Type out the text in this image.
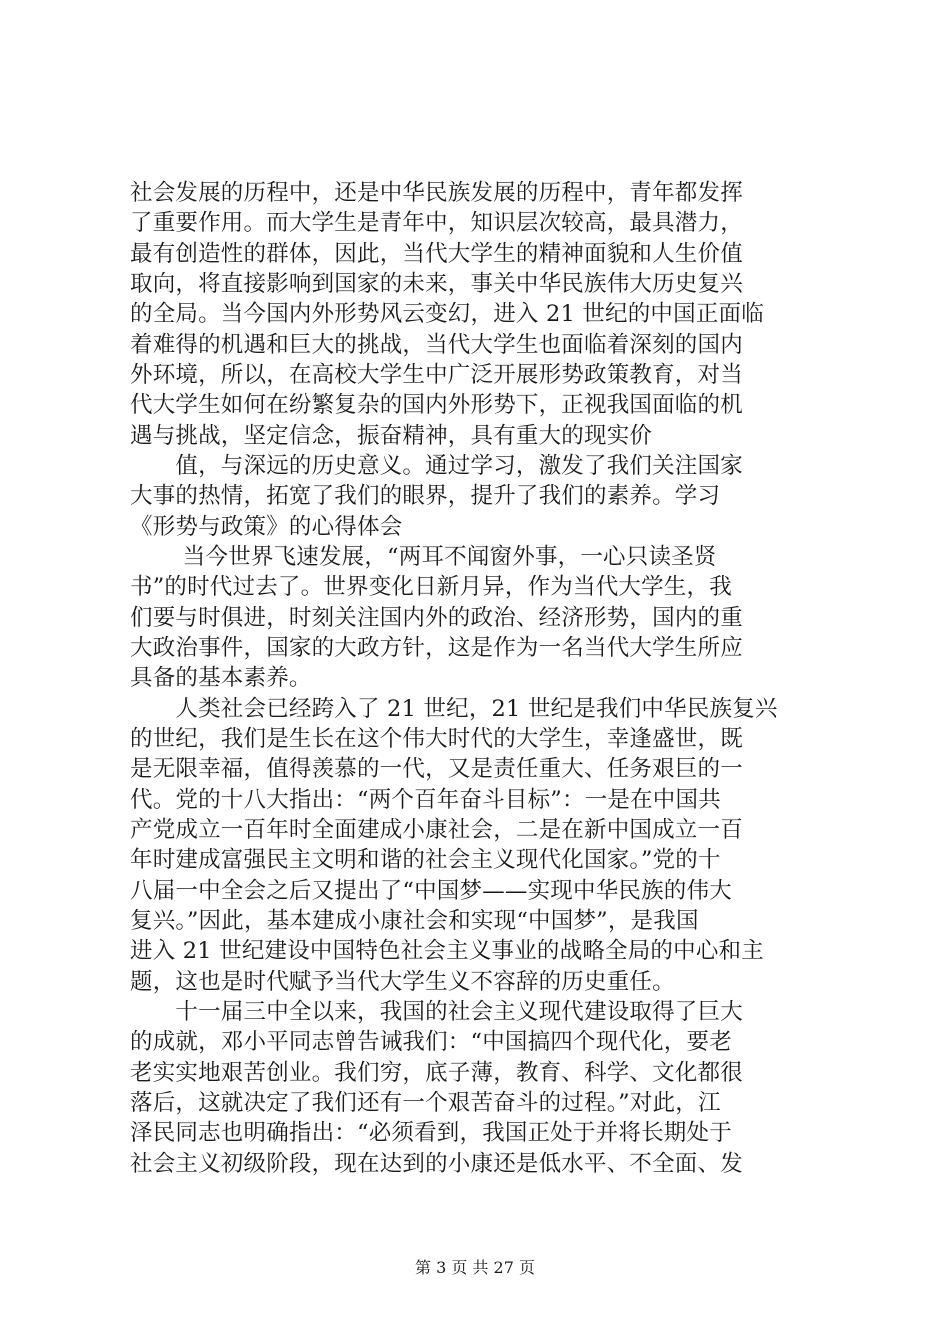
社会发展的历程中，还是中华民族发展的历程中，青年都发挥
了重要作用。而大学生是青年中，知识层次较高，最具潜力，
最有创造性的群体，因此，当代大学生的精神面貌和人生价值
取向，将直接影响到国家的未来，事关中华民族伟大历史复兴
的全局。当今国内外形势风云变幻，进入 21 世纪的中国正面临
着难得的机遇和巨大的挑战，当代大学生也面临着深刻的国内
外环境，所以，在高校大学生中广泛开展形势政策教育，对当
代大学生如何在纷繁复杂的国内外形势下，正视我国面临的机
遇与挑战，坚定信念，振奋精神，具有重大的现实价
　　值，与深远的历史意义。通过学习，激发了我们关注国家
大事的热情，拓宽了我们的眼界，提升了我们的素养。学习
《形势与政策》的心得体会
　　 当今世界飞速发展，“两耳不闻窗外事，一心只读圣贤
书”的时代过去了。世界变化日新月异，作为当代大学生，我
们要与时俱进，时刻关注国内外的政治、经济形势，国内的重
大政治事件，国家的大政方针，这是作为一名当代大学生所应
具备的基本素养。
　　人类社会已经跨入了 21 世纪，21 世纪是我们中华民族复兴
的世纪，我们是生长在这个伟大时代的大学生，幸逢盛世，既
是无限幸福，值得羡慕的一代，又是责任重大、任务艰巨的一
代。党的十八大指出：“两个百年奋斗目标”：一是在中国共
产党成立一百年时全面建成小康社会，二是在新中国成立一百
年时建成富强民主文明和谐的社会主义现代化国家。”党的十
八届一中全会之后又提出了“中国梦——实现中华民族的伟大
复兴。”因此，基本建成小康社会和实现“中国梦”，是我国
进入 21 世纪建设中国特色社会主义事业的战略全局的中心和主
题，这也是时代赋予当代大学生义不容辞的历史重任。
　　十一届三中全以来，我国的社会主义现代建设取得了巨大
的成就，邓小平同志曾告诫我们：“中国搞四个现代化，要老
老实实地艰苦创业。我们穷，底子薄，教育、科学、文化都很
落后，这就决定了我们还有一个艰苦奋斗的过程。”对此，江
泽民同志也明确指出：“必须看到，我国正处于并将长期处于
社会主义初级阶段，现在达到的小康还是低水平、不全面、发
第 3 页 共 27 页
